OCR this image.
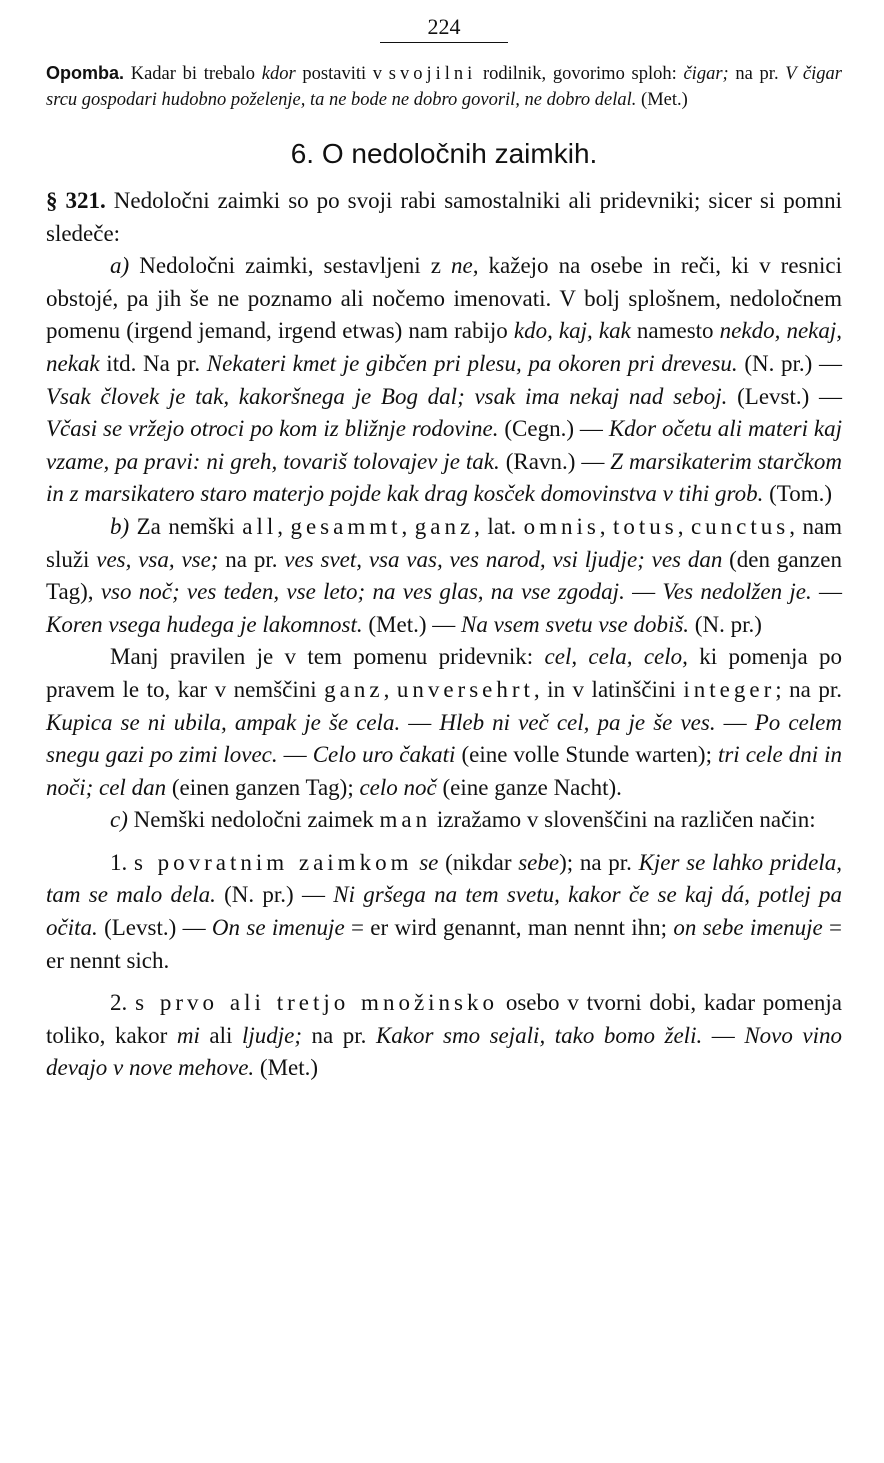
224

Opomba. Kadar bi trebalo kdor postaviti v svojilni rodilnik, govorimo sploh: čigar; na pr. V čigar srcu gospodari hudobno poželenje, ta ne bode ne dobro govoril, ne dobro delal. (Met.)

6. O nedoločnih zaimkih.

§ 321. Nedoločni zaimki so po svoji rabi samostalniki ali pridevniki; sicer si pomni sledeče:

a) Nedoločni zaimki, sestavljeni z ne, kažejo na osebe in reči, ki v resnici obstojé, pa jih še ne poznamo ali nočemo imenovati. V bolj splošnem, nedoločnem pomenu (irgend jemand, irgend etwas) nam rabijo kdo, kaj, kak namesto nekdo, nekaj, nekak itd. Na pr. Nekateri kmet je gibčen pri plesu, pa okoren pri drevesu. (N. pr.) — Vsak človek je tak, kakoršnega je Bog dal; vsak ima nekaj nad seboj. (Levst.) — Včasi se vržejo otroci po kom iz bližnje rodovine. (Cegn.) — Kdor očetu ali materi kaj vzame, pa pravi: ni greh, tovariš tolovajev je tak. (Ravn.) — Z marsikaterim starčkom in z marsikatero staro materjo pojde kak drag kosček domovinstva v tihi grob. (Tom.)

b) Za nemški all, gesammt, ganz, lat. omnis, totus, cunctus, nam služi ves, vsa, vse; na pr. ves svet, vsa vas, ves narod, vsi ljudje; ves dan (den ganzen Tag), vso noč; ves teden, vse leto; na ves glas, na vse zgodaj. — Ves nedolžen je. — Koren vsega hudega je lakomnost. (Met.) — Na vsem svetu vse dobiš. (N. pr.)

Manj pravilen je v tem pomenu pridevnik: cel, cela, celo, ki pomenja po pravem le to, kar v nemščini ganz, unversehrt, in v latinščini integer; na pr. Kupica se ni ubila, ampak je še cela. — Hleb ni več cel, pa je še ves. — Po celem snegu gazi po zimi lovec. — Celo uro čakati (eine volle Stunde warten); tri cele dni in noči; cel dan (einen ganzen Tag); celo noč (eine ganze Nacht).

c) Nemški nedoločni zaimek man izražamo v slovenščini na različen način:

1. s povratnim zaimkom se (nikdar sebe); na pr. Kjer se lahko pridela, tam se malo dela. (N. pr.) — Ni gršega na tem svetu, kakor če se kaj dá, potlej pa očita. (Levst.) — On se imenuje = er wird genannt, man nennt ihn; on sebe imenuje = er nennt sich.

2. s prvo ali tretjo množinsko osebo v tvorni dobi, kadar pomenja toliko, kakor mi ali ljudje; na pr. Kakor smo sejali, tako bomo želi. — Novo vino devajo v nove mehove. (Met.)
